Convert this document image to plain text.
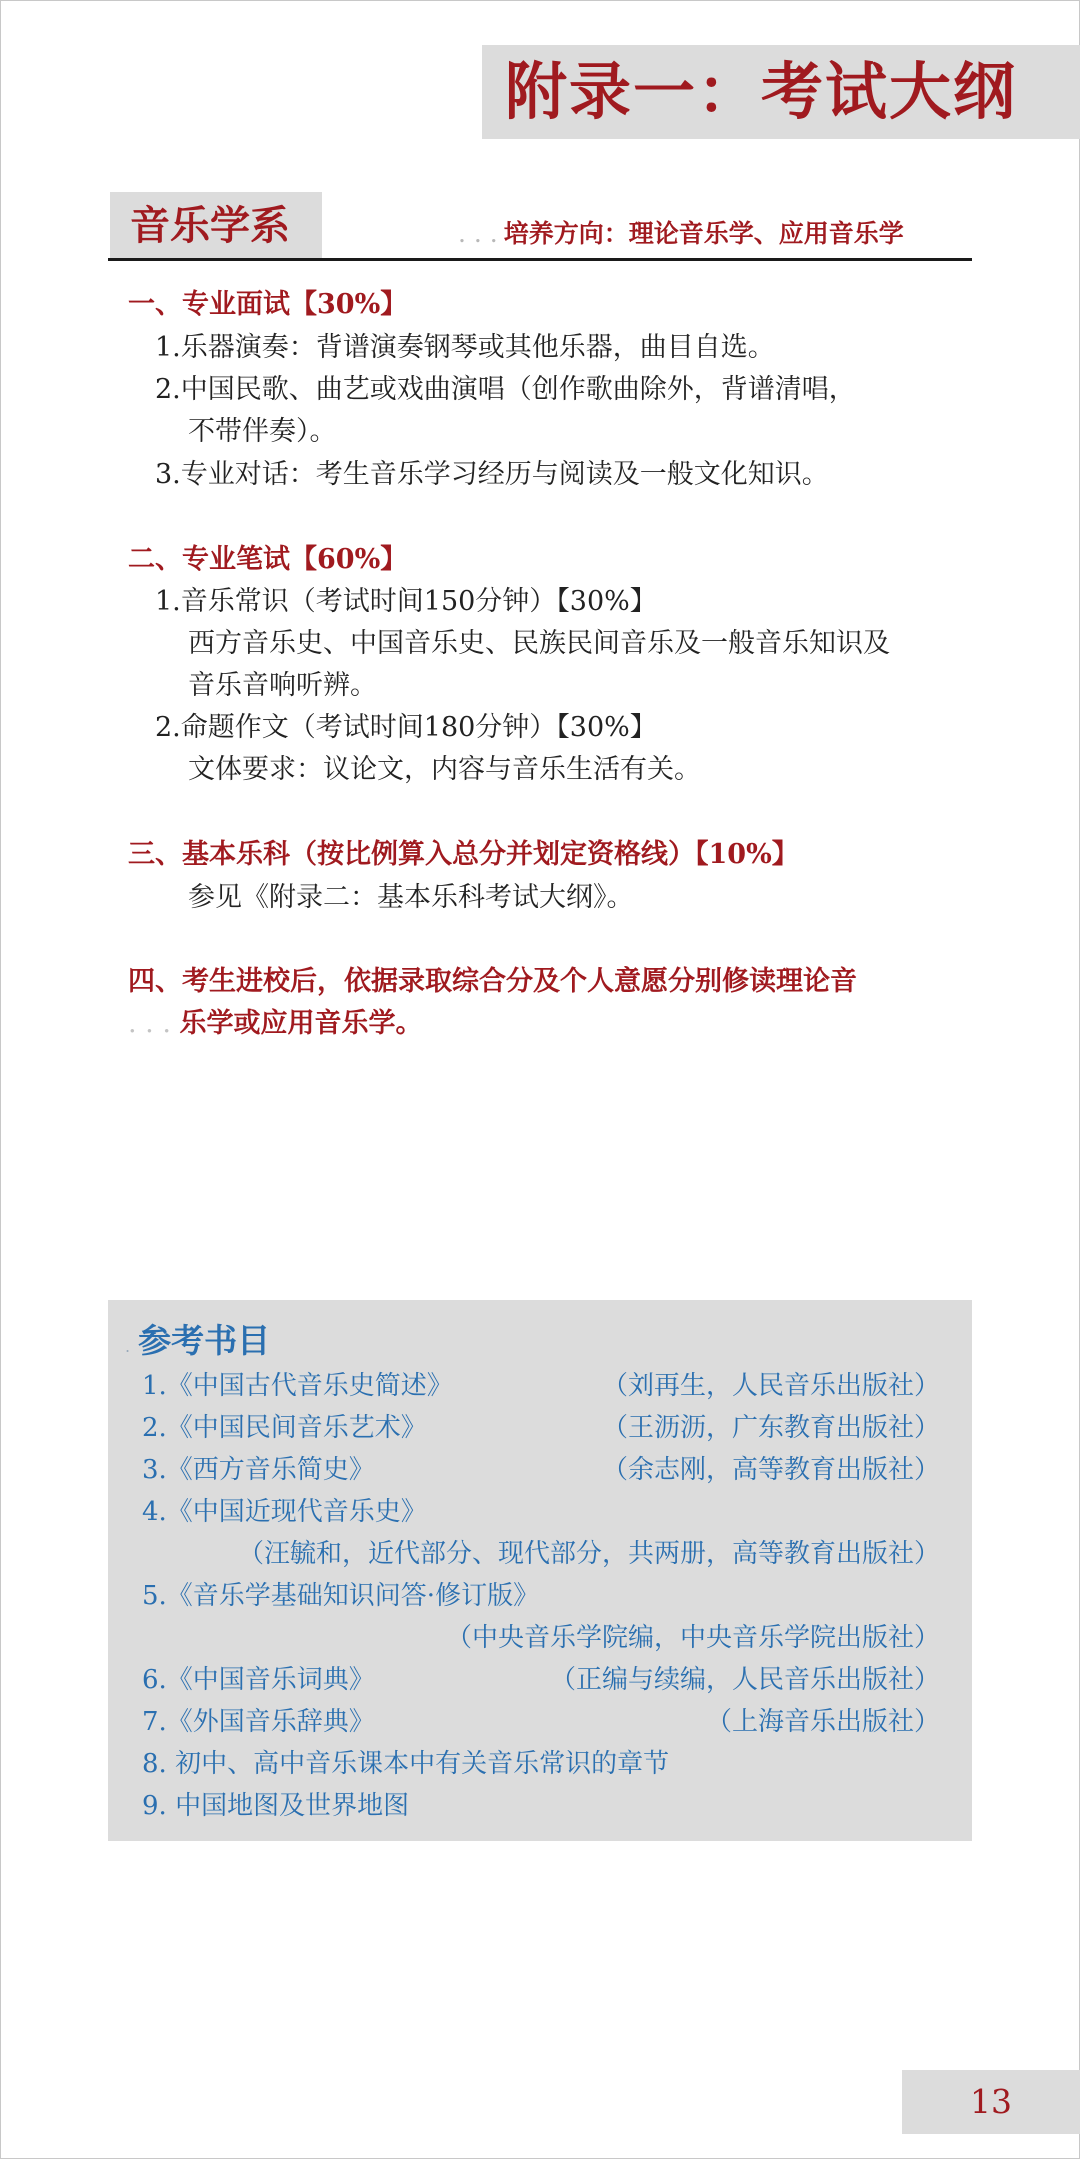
附录一：考试大纲
音乐学系	. . . 培养方向：理论音乐学、应用音乐学
一、专业面试【30%】
1.乐器演奏：背谱演奏钢琴或其他乐器，曲目自选。
2.中国民歌、曲艺或戏曲演唱（创作歌曲除外，背谱清唱，
不带伴奏）。
3.专业对话：考生音乐学习经历与阅读及一般文化知识。
二、专业笔试【60%】
1.音乐常识（考试时间150分钟）【30%】
西方音乐史、中国音乐史、民族民间音乐及一般音乐知识及
音乐音响听辨。
2.命题作文（考试时间180分钟）【30%】
文体要求：议论文，内容与音乐生活有关。
三、基本乐科（按比例算入总分并划定资格线）【10%】
参见《附录二：基本乐科考试大纲》。
四、考生进校后，依据录取综合分及个人意愿分别修读理论音
. . . 乐学或应用音乐学。
. 参考书目
1.《中国古代音乐史简述》	（刘再生，人民音乐出版社）
2.《中国民间音乐艺术》	（王沥沥，广东教育出版社）
3.《西方音乐简史》	（余志刚，高等教育出版社）
4.《中国近现代音乐史》
（汪毓和，近代部分、现代部分，共两册，高等教育出版社）
5.《音乐学基础知识问答·修订版》
（中央音乐学院编，中央音乐学院出版社）
6.《中国音乐词典》	（正编与续编，人民音乐出版社）
7.《外国音乐辞典》	（上海音乐出版社）
8. 初中、高中音乐课本中有关音乐常识的章节
9. 中国地图及世界地图
13
